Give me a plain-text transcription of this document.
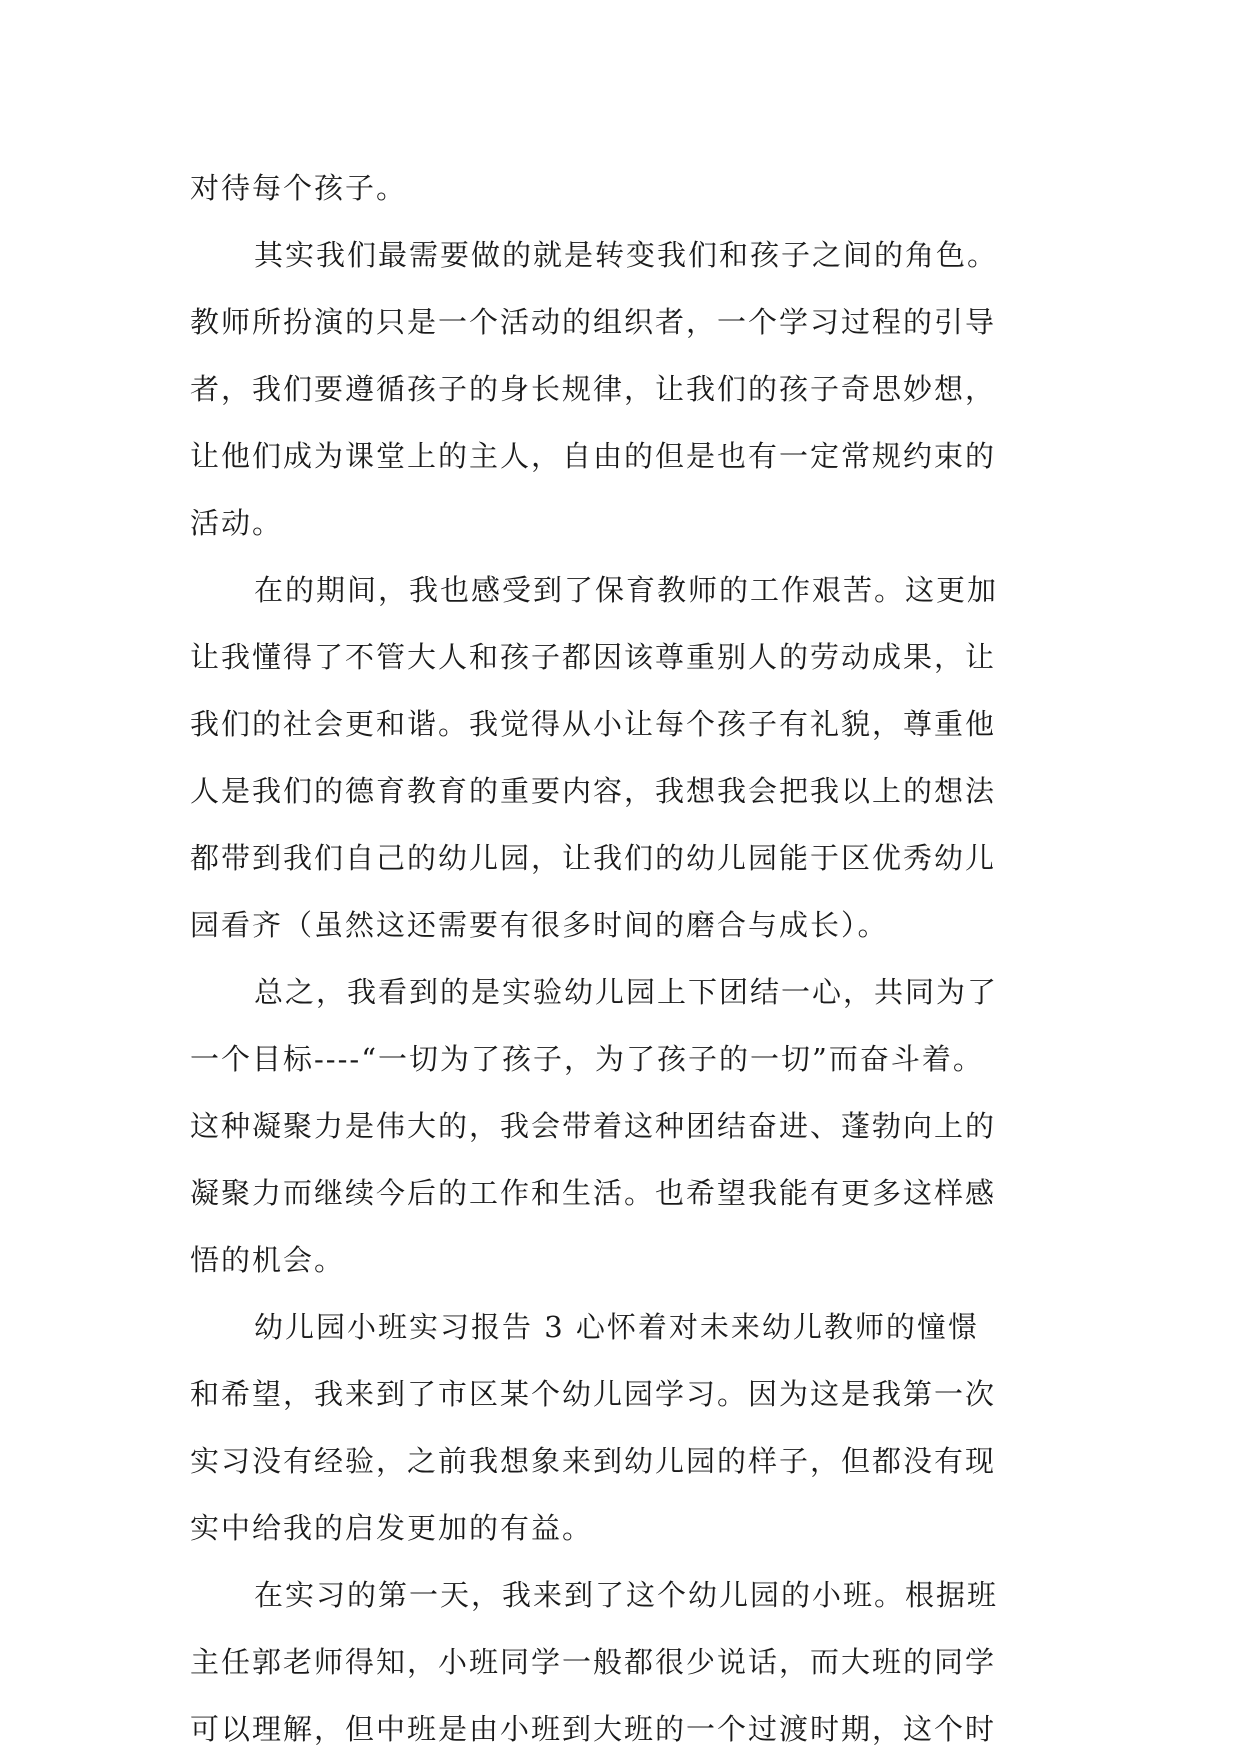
对待每个孩子。
其实我们最需要做的就是转变我们和孩子之间的角色。
教师所扮演的只是一个活动的组织者，一个学习过程的引导
者，我们要遵循孩子的身长规律，让我们的孩子奇思妙想，
让他们成为课堂上的主人，自由的但是也有一定常规约束的
活动。
在的期间，我也感受到了保育教师的工作艰苦。这更加
让我懂得了不管大人和孩子都因该尊重别人的劳动成果，让
我们的社会更和谐。我觉得从小让每个孩子有礼貌，尊重他
人是我们的德育教育的重要内容，我想我会把我以上的想法
都带到我们自己的幼儿园，让我们的幼儿园能于区优秀幼儿
园看齐（虽然这还需要有很多时间的磨合与成长）。
总之，我看到的是实验幼儿园上下团结一心，共同为了
一个目标----“一切为了孩子，为了孩子的一切”而奋斗着。
这种凝聚力是伟大的，我会带着这种团结奋进、蓬勃向上的
凝聚力而继续今后的工作和生活。也希望我能有更多这样感
悟的机会。
幼儿园小班实习报告 3 心怀着对未来幼儿教师的憧憬
和希望，我来到了市区某个幼儿园学习。因为这是我第一次
实习没有经验，之前我想象来到幼儿园的样子，但都没有现
实中给我的启发更加的有益。
在实习的第一天，我来到了这个幼儿园的小班。根据班
主任郭老师得知，小班同学一般都很少说话，而大班的同学
可以理解，但中班是由小班到大班的一个过渡时期，这个时
